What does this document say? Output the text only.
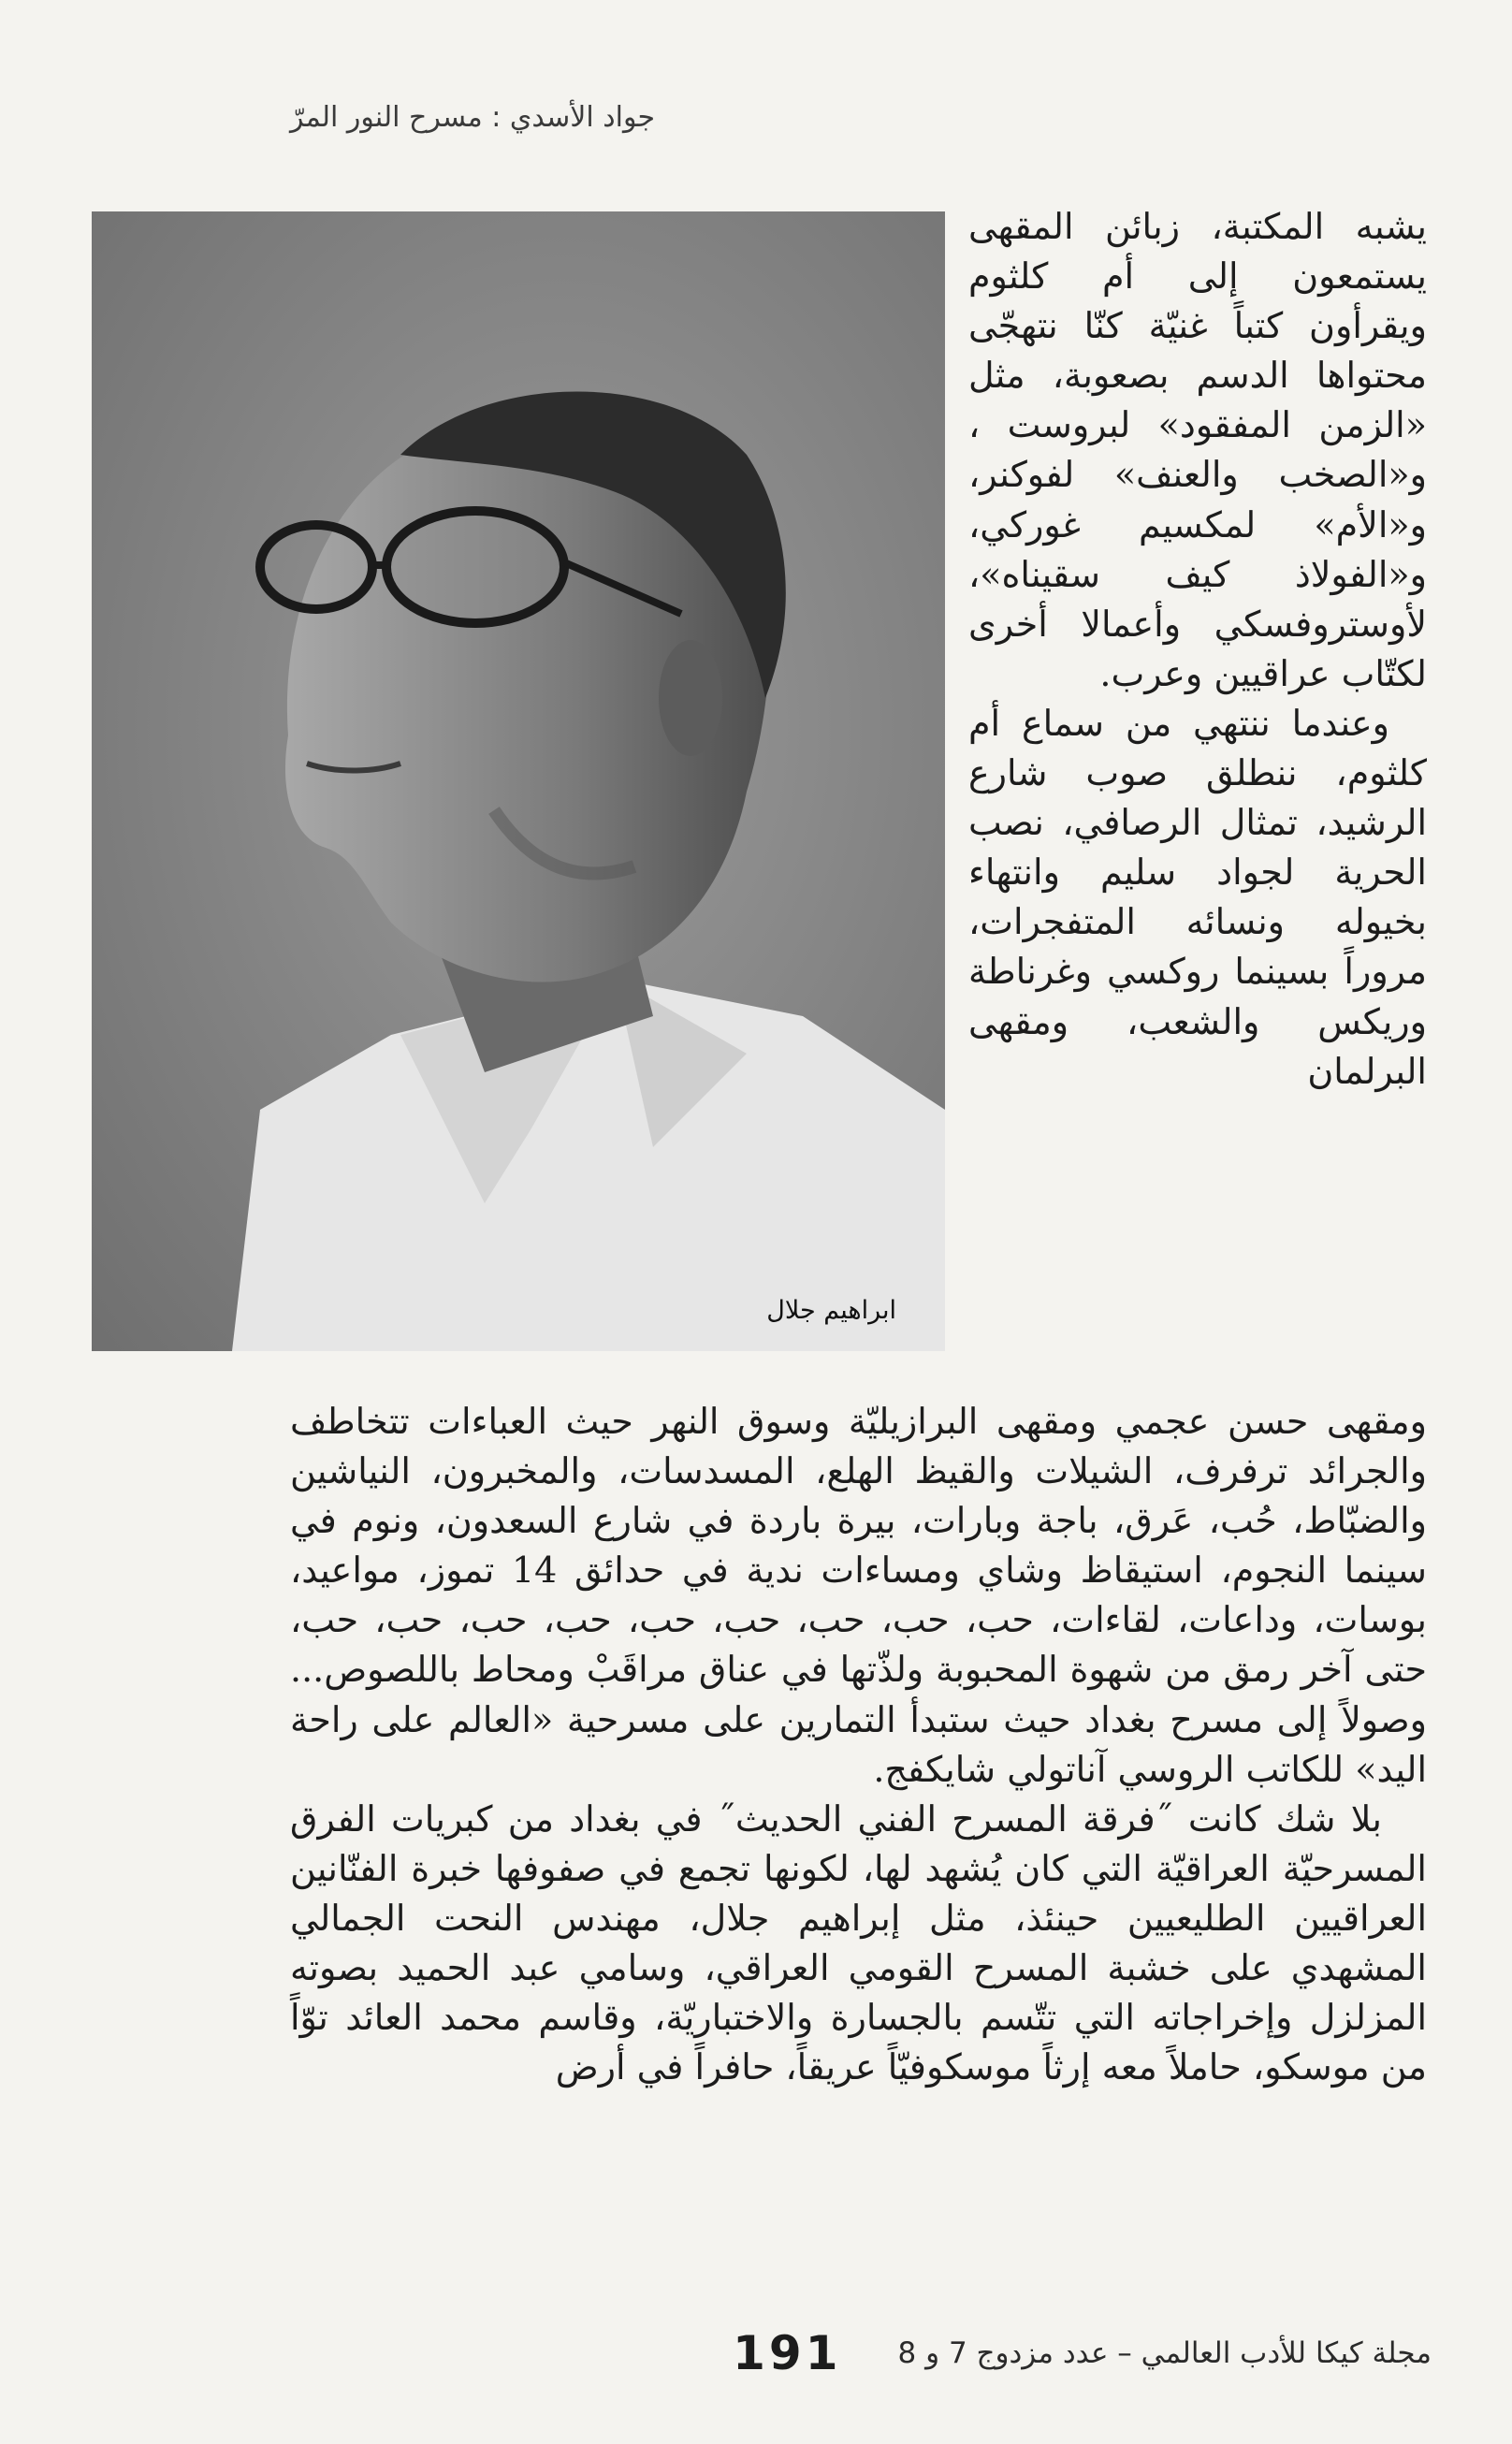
جواد الأسدي : مسرح النور المرّ
ابراهيم جلال

يشبه المكتبة، زبائن المقهى يستمعون إلى أم كلثوم ويقرأون كتباً غنيّة كنّا نتهجّى محتواها الدسم بصعوبة، مثل «الزمن المفقود» لبروست ، و«الصخب والعنف» لفوكنر، و«الأم» لمكسيم غوركي، و«الفولاذ كيف سقيناه»، لأوستروفسكي وأعمالا أخرى لكتّاب عراقيين وعرب.

وعندما ننتهي من سماع أم كلثوم، ننطلق صوب شارع الرشيد، تمثال الرصافي، نصب الحرية لجواد سليم وانتهاء بخيوله ونسائه المتفجرات، مروراً بسينما روكسي وغرناطة وريكس والشعب، ومقهى البرلمان

ومقهى حسن عجمي ومقهى البرازيليّة وسوق النهر حيث العباءات تتخاطف والجرائد ترفرف، الشيلات والقيظ الهلع، المسدسات، والمخبرون، النياشين والضبّاط، حُب، عَرق، باجة وبارات، بيرة باردة في شارع السعدون، ونوم في سينما النجوم، استيقاظ وشاي ومساءات ندية في حدائق 14 تموز، مواعيد، بوسات، وداعات، لقاءات، حب، حب، حب، حب، حب، حب، حب، حب، حب، حتى آخر رمق من شهوة المحبوبة ولذّتها في عناق مراقَبْ ومحاط باللصوص... وصولاً إلى مسرح بغداد حيث ستبدأ التمارين على مسرحية «العالم على راحة اليد» للكاتب الروسي آناتولي شايكفج.

بلا شك كانت ˝فرقة المسرح الفني الحديث˝ في بغداد من كبريات الفرق المسرحيّة العراقيّة التي كان يُشهد لها، لكونها تجمع في صفوفها خبرة الفنّانين العراقيين الطليعيين حينئذ، مثل إبراهيم جلال، مهندس النحت الجمالي المشهدي على خشبة المسرح القومي العراقي، وسامي عبد الحميد بصوته المزلزل وإخراجاته التي تتّسم بالجسارة والاختباريّة، وقاسم محمد العائد توّاً من موسكو، حاملاً معه إرثاً موسكوفيّاً عريقاً، حافراً في أرض

مجلة كيكا للأدب العالمي – عدد مزدوج 7 و 8
191
